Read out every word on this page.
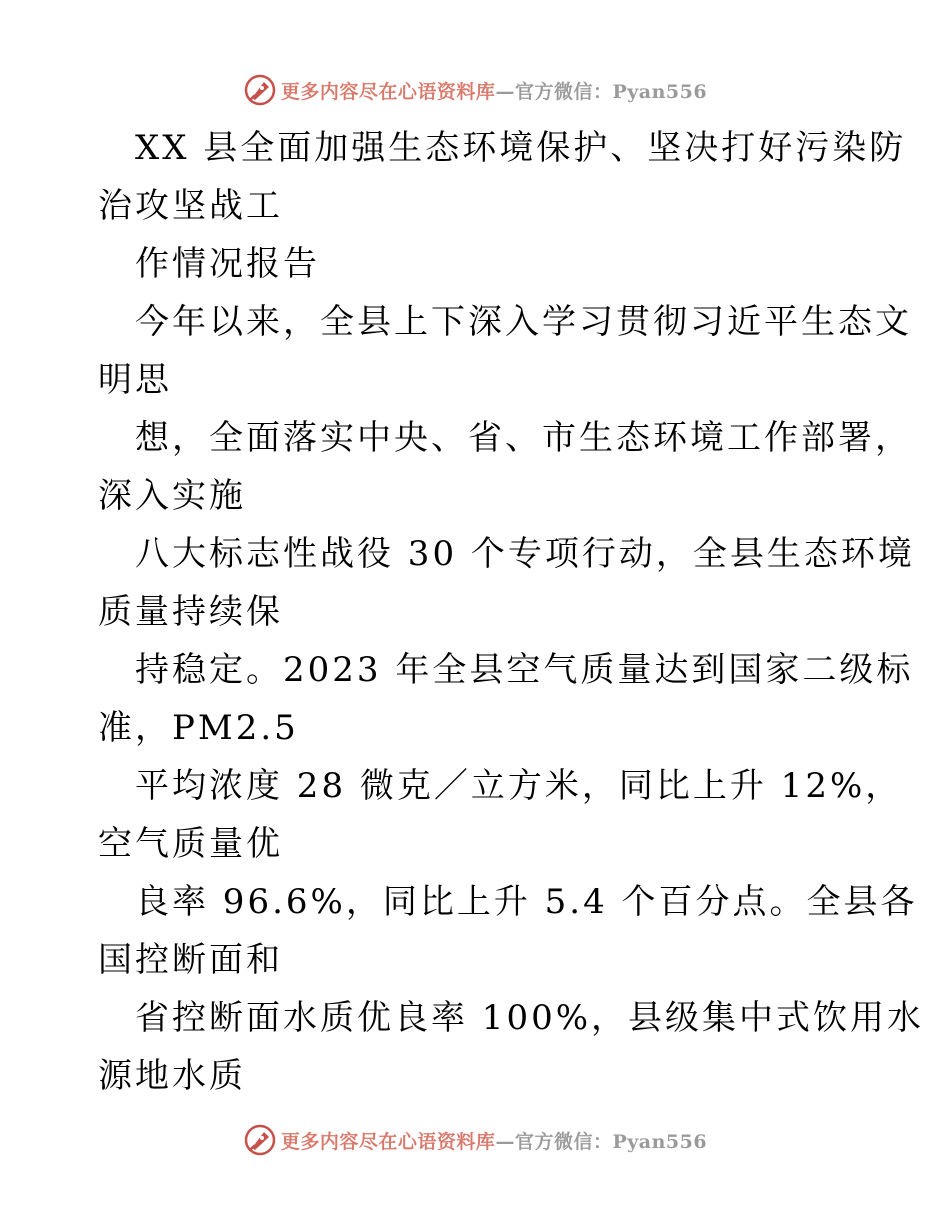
更多内容尽在心语资料库—官方微信：Pyan556
XX 县全面加强生态环境保护、坚决打好污染防
治攻坚战工
作情况报告
今年以来，全县上下深入学习贯彻习近平生态文
明思
想，全面落实中央、省、市生态环境工作部署，
深入实施
八大标志性战役 30 个专项行动，全县生态环境
质量持续保
持稳定。2023 年全县空气质量达到国家二级标
准，PM2.5
平均浓度 28 微克／立方米，同比上升 12%，
空气质量优
良率 96.6%，同比上升 5.4 个百分点。全县各
国控断面和
省控断面水质优良率 100%，县级集中式饮用水
源地水质
更多内容尽在心语资料库—官方微信：Pyan556
